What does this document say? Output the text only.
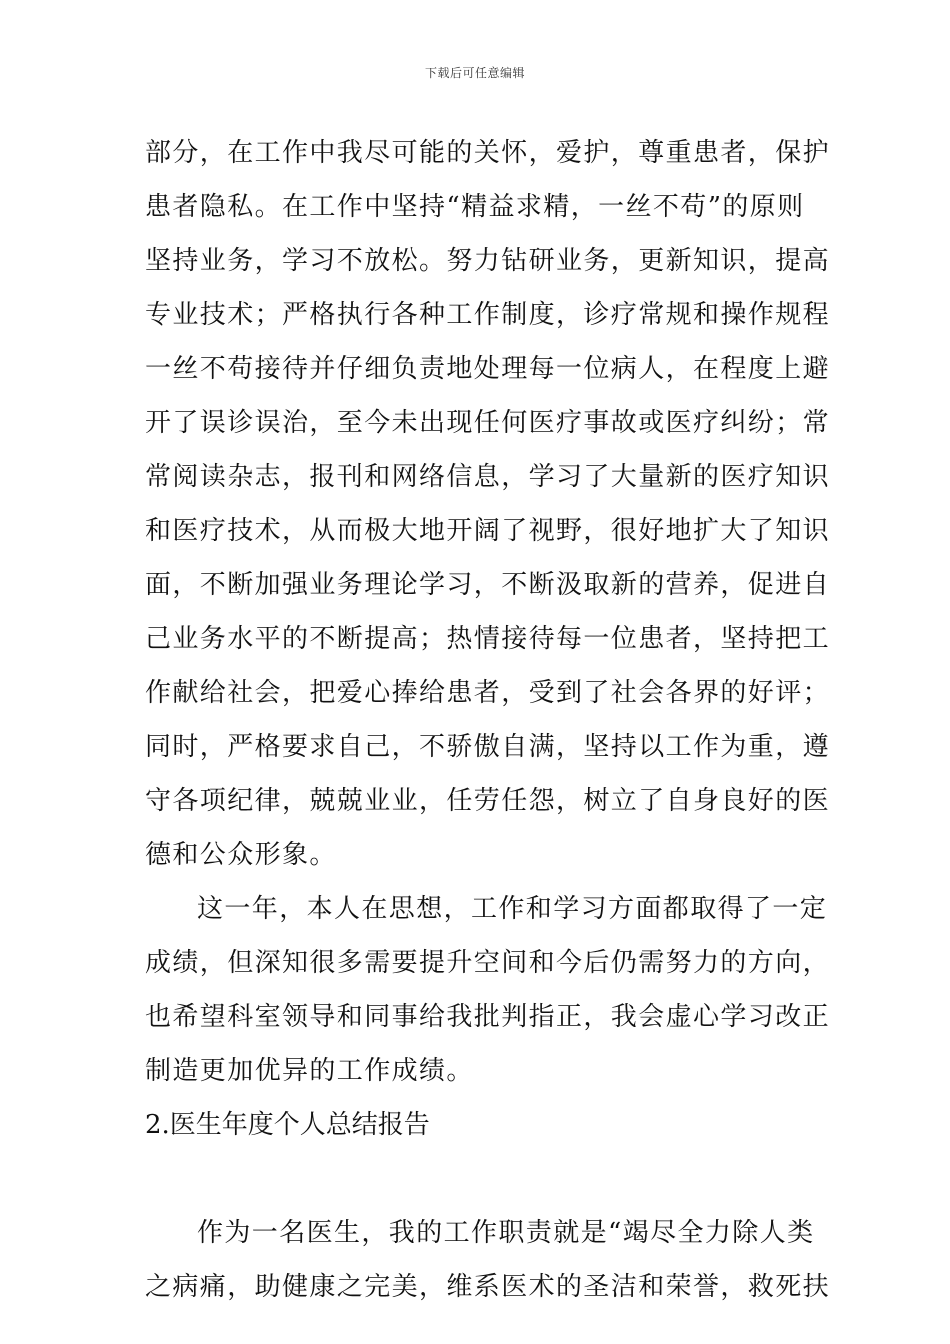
下载后可任意编辑
部分，在工作中我尽可能的关怀，爱护，尊重患者，保护
患者隐私。在工作中坚持“精益求精，一丝不苟”的原则
坚持业务，学习不放松。努力钻研业务，更新知识，提高
专业技术；严格执行各种工作制度，诊疗常规和操作规程
一丝不苟接待并仔细负责地处理每一位病人，在程度上避
开了误诊误治，至今未出现任何医疗事故或医疗纠纷；常
常阅读杂志，报刊和网络信息，学习了大量新的医疗知识
和医疗技术，从而极大地开阔了视野，很好地扩大了知识
面，不断加强业务理论学习，不断汲取新的营养，促进自
己业务水平的不断提高；热情接待每一位患者，坚持把工
作献给社会，把爱心捧给患者，受到了社会各界的好评；
同时，严格要求自己，不骄傲自满，坚持以工作为重，遵
守各项纪律，兢兢业业，任劳任怨，树立了自身良好的医
德和公众形象。
这一年，本人在思想，工作和学习方面都取得了一定
成绩，但深知很多需要提升空间和今后仍需努力的方向，
也希望科室领导和同事给我批判指正，我会虚心学习改正
制造更加优异的工作成绩。
2.医生年度个人总结报告
作为一名医生，我的工作职责就是“竭尽全力除人类
之病痛，助健康之完美，维系医术的圣洁和荣誉，救死扶
